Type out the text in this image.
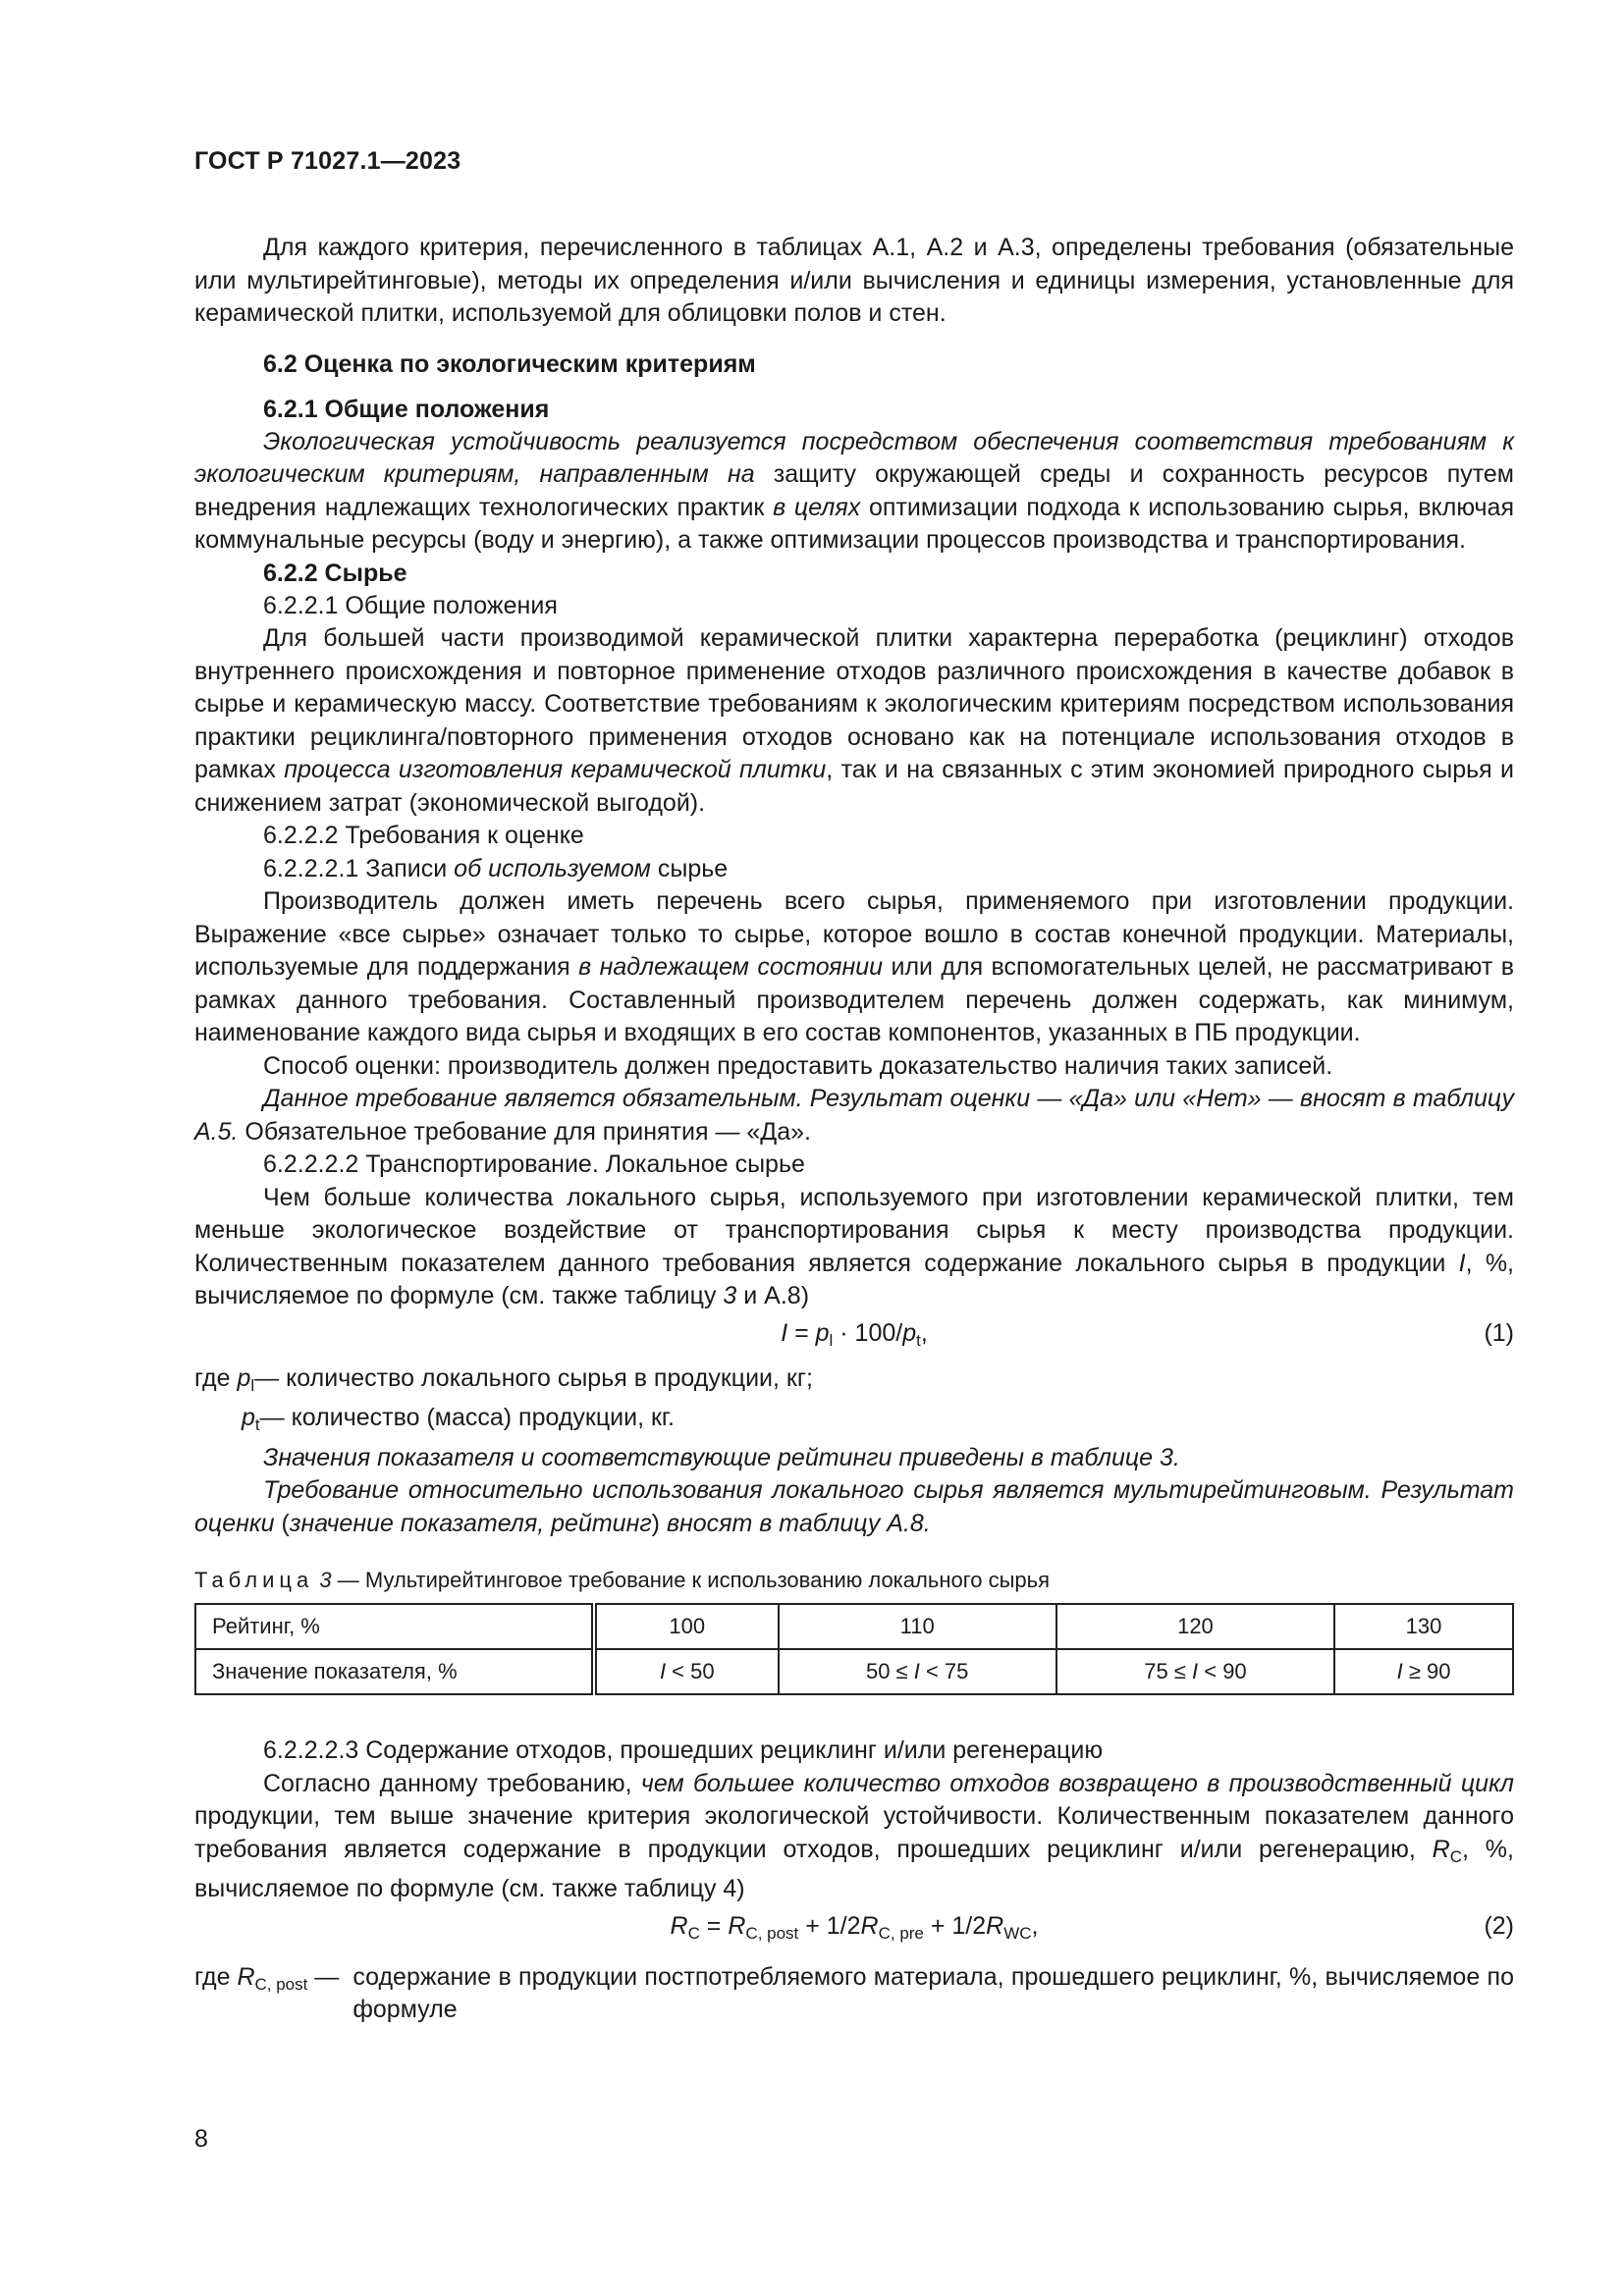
ГОСТ Р 71027.1—2023

Для каждого критерия, перечисленного в таблицах А.1, А.2 и А.3, определены требования (обязательные или мультирейтинговые), методы их определения и/или вычисления и единицы измерения, установленные для керамической плитки, используемой для облицовки полов и стен.

6.2 Оценка по экологическим критериям
6.2.1 Общие положения

Экологическая устойчивость реализуется посредством обеспечения соответствия требованиям к экологическим критериям, направленным на защиту окружающей среды и сохранность ресурсов путем внедрения надлежащих технологических практик в целях оптимизации подхода к использованию сырья, включая коммунальные ресурсы (воду и энергию), а также оптимизации процессов производства и транспортирования.

6.2.2 Сырье
6.2.2.1 Общие положения

Для большей части производимой керамической плитки характерна переработка (рециклинг) отходов внутреннего происхождения и повторное применение отходов различного происхождения в качестве добавок в сырье и керамическую массу. Соответствие требованиям к экологическим критериям посредством использования практики рециклинга/повторного применения отходов основано как на потенциале использования отходов в рамках процесса изготовления керамической плитки, так и на связанных с этим экономией природного сырья и снижением затрат (экономической выгодой).

6.2.2.2 Требования к оценке
6.2.2.2.1 Записи об используемом сырье

Производитель должен иметь перечень всего сырья, применяемого при изготовлении продукции. Выражение «все сырье» означает только то сырье, которое вошло в состав конечной продукции. Материалы, используемые для поддержания в надлежащем состоянии или для вспомогательных целей, не рассматривают в рамках данного требования. Составленный производителем перечень должен содержать, как минимум, наименование каждого вида сырья и входящих в его состав компонентов, указанных в ПБ продукции.

Способ оценки: производитель должен предоставить доказательство наличия таких записей.

Данное требование является обязательным. Результат оценки — «Да» или «Нет» — вносят в таблицу А.5. Обязательное требование для принятия — «Да».

6.2.2.2.2 Транспортирование. Локальное сырье

Чем больше количества локального сырья, используемого при изготовлении керамической плитки, тем меньше экологическое воздействие от транспортирования сырья к месту производства продукции. Количественным показателем данного требования является содержание локального сырья в продукции I, %, вычисляемое по формуле (см. также таблицу 3 и А.8)

$I = p_l \cdot 100/p_t$,	(1)
где $p_l$ — количество локального сырья в продукции, кг;
$p_t$ — количество (масса) продукции, кг.

Значения показателя и соответствующие рейтинги приведены в таблице 3.

Требование относительно использования локального сырья является мультирейтинговым. Результат оценки (значение показателя, рейтинг) вносят в таблицу А.8.

Таблица 3 — Мультирейтинговое требование к использованию локального сырья
Рейтинг, %	100	110	120	130
Значение показателя, %	I < 50	50 ≤ I < 75	75 ≤ I < 90	I ≥ 90
6.2.2.2.3 Содержание отходов, прошедших рециклинг и/или регенерацию

Согласно данному требованию, чем большее количество отходов возвращено в производственный цикл продукции, тем выше значение критерия экологической устойчивости. Количественным показателем данного требования является содержание в продукции отходов, прошедших рециклинг и/или регенерацию, $R_C$, %, вычисляемое по формуле (см. также таблицу 4)

$R_C = R_{C, post} + 1/2R_{C, pre} + 1/2R_{WC}$,	(2)
где $R_{C, post}$ — содержание в продукции постпотребляемого материала, прошедшего рециклинг, %, вычисляемое по формуле
8
